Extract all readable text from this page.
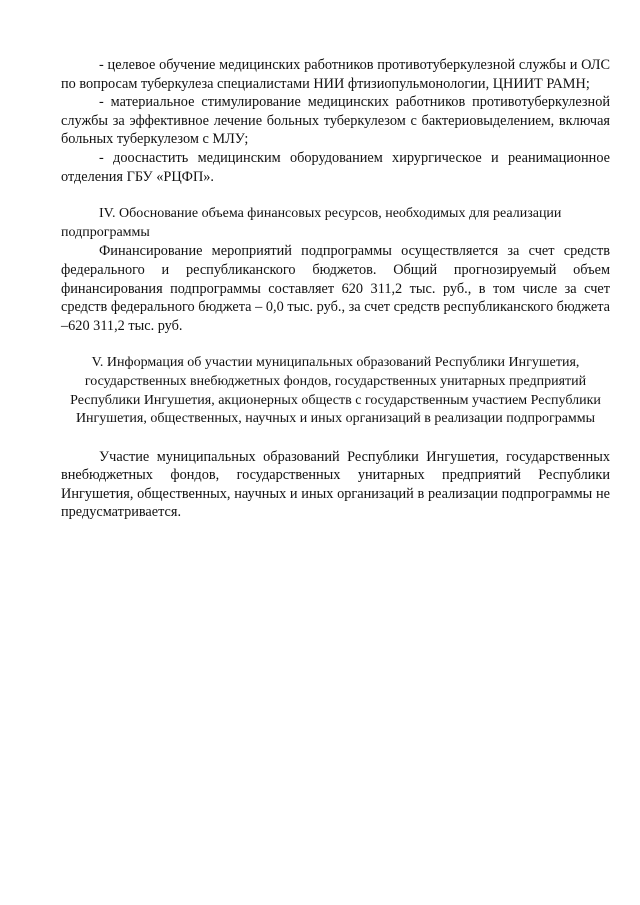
- целевое обучение медицинских работников противотуберкулезной службы и ОЛС по вопросам туберкулеза специалистами НИИ фтизиопульмонологии, ЦНИИТ РАМН;

- материальное стимулирование медицинских работников противотуберкулезной службы за эффективное лечение больных туберкулезом с бактериовыделением, включая больных туберкулезом с МЛУ;

- дооснастить медицинским оборудованием хирургическое и реанимационное отделения ГБУ «РЦФП».

IV. Обоснование объема финансовых ресурсов, необходимых для реализации подпрограммы

Финансирование мероприятий подпрограммы осуществляется за счет средств федерального и республиканского бюджетов. Общий прогнозируемый объем финансирования подпрограммы составляет 620 311,2 тыс. руб., в том числе за счет средств федерального бюджета – 0,0 тыс. руб., за счет средств республиканского бюджета –620 311,2 тыс. руб.

V. Информация об участии муниципальных образований Республики Ингушетия, государственных внебюджетных фондов, государственных унитарных предприятий Республики Ингушетия, акционерных обществ с государственным участием Республики Ингушетия, общественных, научных и иных организаций в реализации подпрограммы

Участие муниципальных образований Республики Ингушетия, государственных внебюджетных фондов, государственных унитарных предприятий Республики Ингушетия, общественных, научных и иных организаций в реализации подпрограммы не предусматривается.
